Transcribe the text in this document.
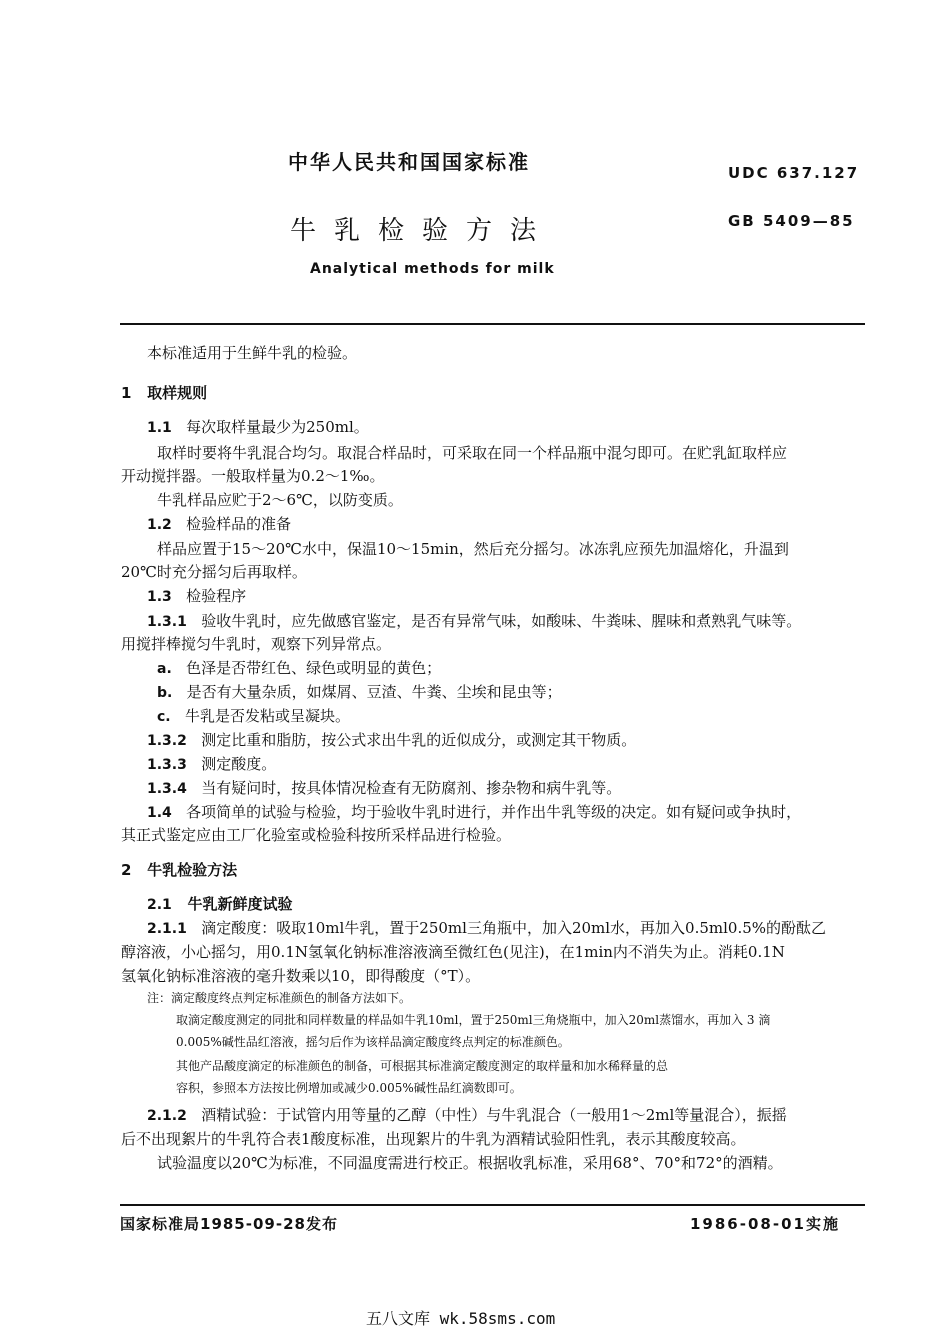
中华人民共和国国家标准	UDC 637.127
牛乳检验方法	GB 5409—85
Analytical methods for milk
本标准适用于生鲜牛乳的检验。
1 取样规则
1.1 每次取样量最少为250ml。
取样时要将牛乳混合均匀。取混合样品时，可采取在同一个样品瓶中混匀即可。在贮乳缸取样应
开动搅拌器。一般取样量为0.2～1‰。
牛乳样品应贮于2～6℃，以防变质。
1.2 检验样品的准备
样品应置于15～20℃水中，保温10～15min，然后充分摇匀。冰冻乳应预先加温熔化，升温到
20℃时充分摇匀后再取样。
1.3 检验程序
1.3.1 验收牛乳时，应先做感官鉴定，是否有异常气味，如酸味、牛粪味、腥味和煮熟乳气味等。
用搅拌棒搅匀牛乳时，观察下列异常点。
a. 色泽是否带红色、绿色或明显的黄色；
b. 是否有大量杂质，如煤屑、豆渣、牛粪、尘埃和昆虫等；
c. 牛乳是否发粘或呈凝块。
1.3.2 测定比重和脂肪，按公式求出牛乳的近似成分，或测定其干物质。
1.3.3 测定酸度。
1.3.4 当有疑问时，按具体情况检查有无防腐剂、掺杂物和病牛乳等。
1.4 各项简单的试验与检验，均于验收牛乳时进行，并作出牛乳等级的决定。如有疑问或争执时，
其正式鉴定应由工厂化验室或检验科按所采样品进行检验。
2 牛乳检验方法
2.1 牛乳新鲜度试验
2.1.1 滴定酸度：吸取10ml牛乳，置于250ml三角瓶中，加入20ml水，再加入0.5ml0.5%的酚酞乙
醇溶液，小心摇匀，用0.1N氢氧化钠标准溶液滴至微红色(见注)，在1min内不消失为止。消耗0.1N
氢氧化钠标准溶液的毫升数乘以10，即得酸度（°T）。
注：滴定酸度终点判定标准颜色的制备方法如下。
取滴定酸度测定的同批和同样数量的样品如牛乳10ml，置于250ml三角烧瓶中，加入20ml蒸馏水，再加入 3 滴
0.005%碱性品红溶液，摇匀后作为该样品滴定酸度终点判定的标准颜色。
其他产品酸度滴定的标准颜色的制备，可根据其标准滴定酸度测定的取样量和加水稀释量的总
容积，参照本方法按比例增加或减少0.005%碱性品红滴数即可。
2.1.2 酒精试验：于试管内用等量的乙醇（中性）与牛乳混合（一般用1～2ml等量混合），振摇
后不出现絮片的牛乳符合表1酸度标准，出现絮片的牛乳为酒精试验阳性乳，表示其酸度较高。
试验温度以20℃为标准，不同温度需进行校正。根据收乳标准，采用68°、70°和72°的酒精。
国家标准局1985-09-28发布	1986-08-01实施
五八文库 wk.58sms.com
